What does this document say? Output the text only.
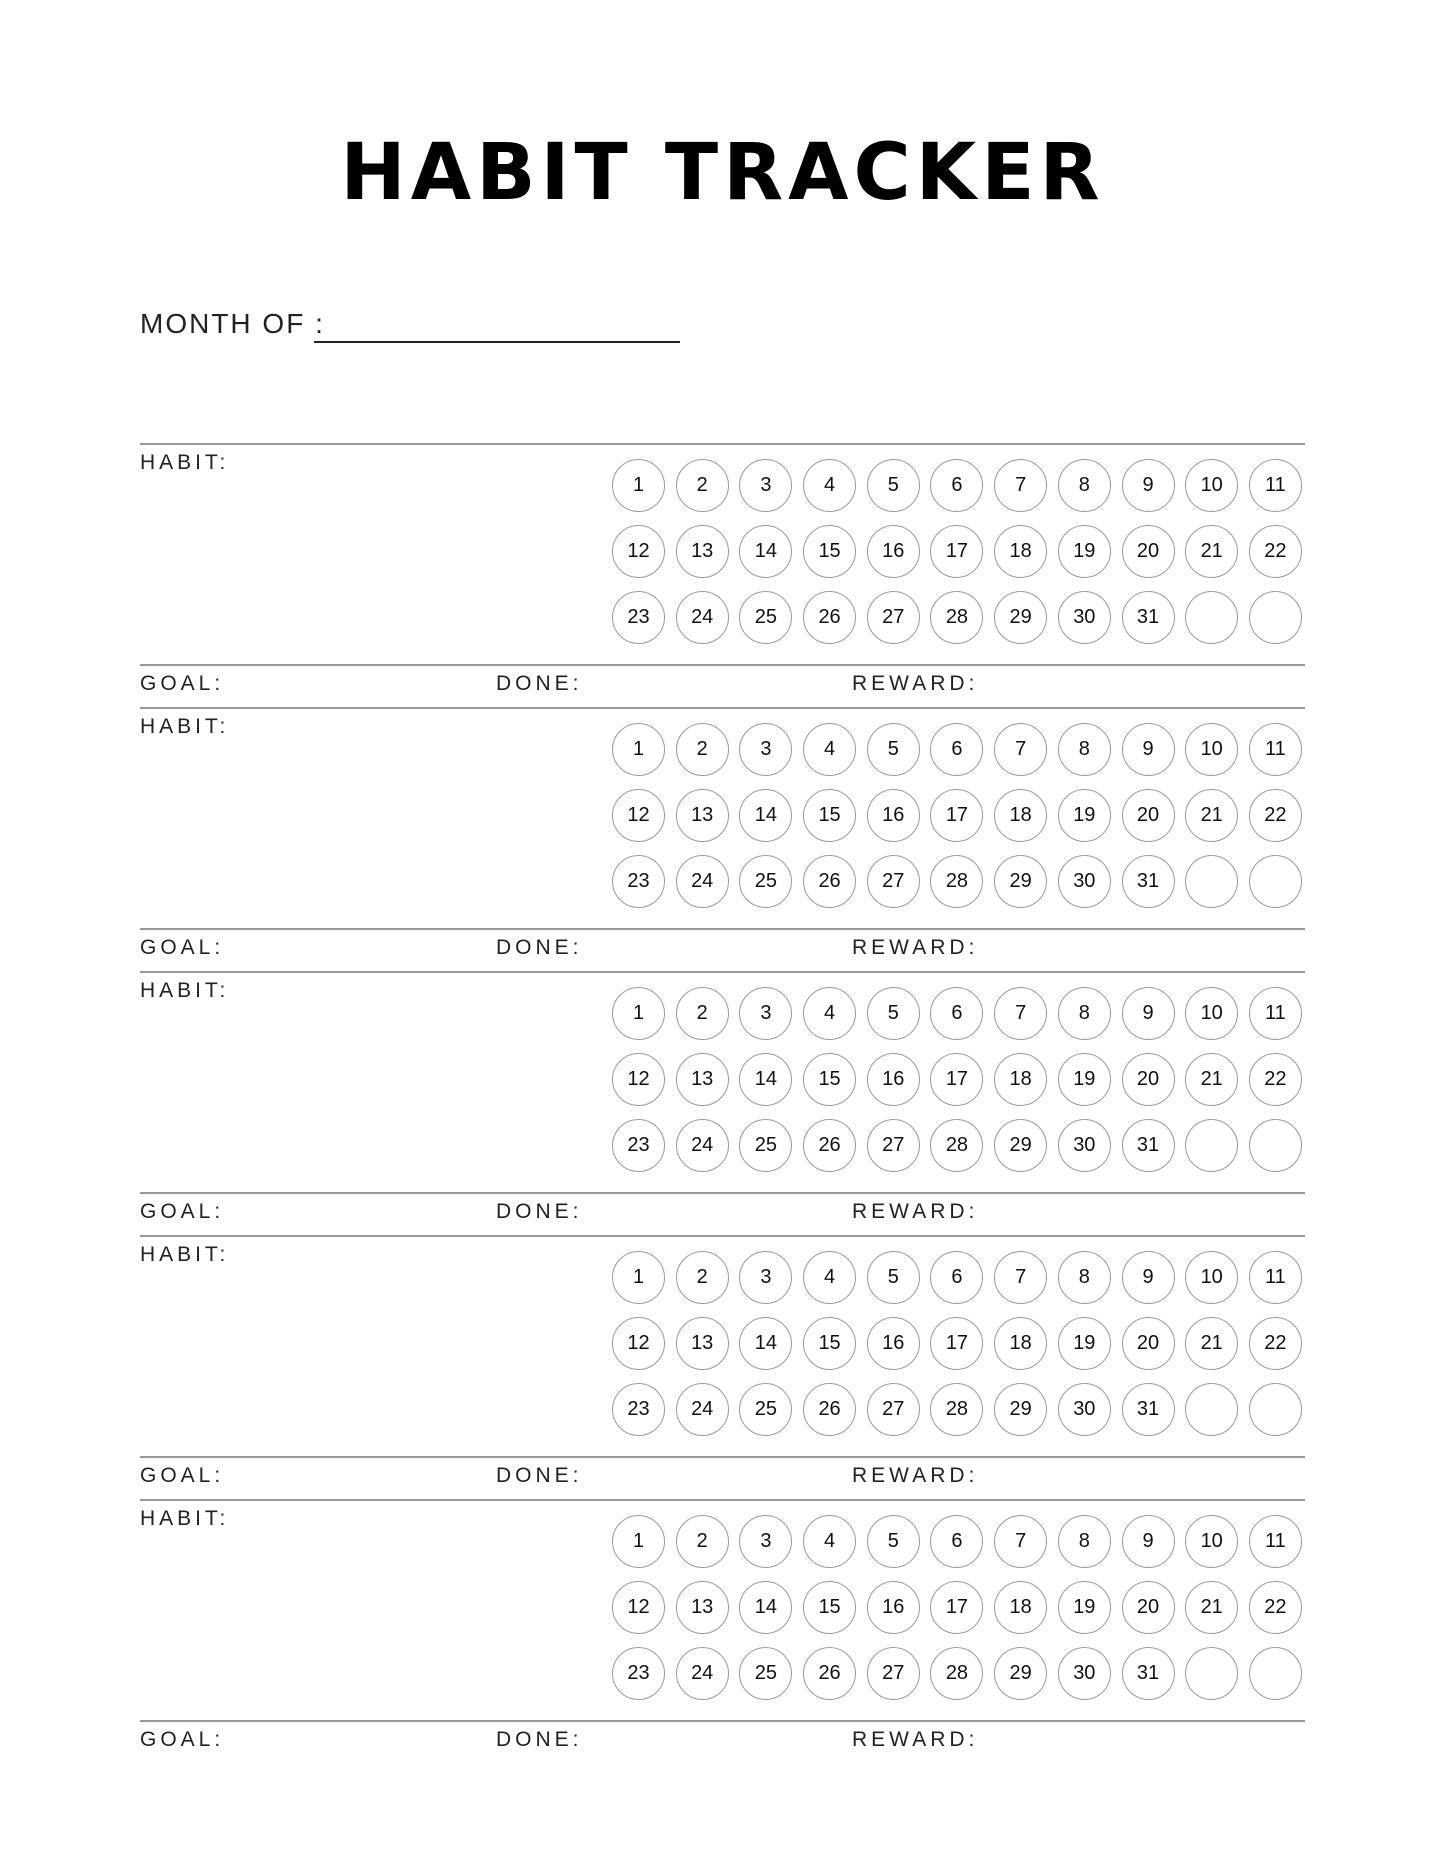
HABIT TRACKER
MONTH OF :
HABIT:
GOAL:	DONE:	REWARD:
1	2	3	4	5	6	7	8	9	10	11
12	13	14	15	16	17	18	19	20	21	22
23	24	25	26	27	28	29	30	31
HABIT:
GOAL:	DONE:	REWARD:
1	2	3	4	5	6	7	8	9	10	11
12	13	14	15	16	17	18	19	20	21	22
23	24	25	26	27	28	29	30	31
HABIT:
GOAL:	DONE:	REWARD:
1	2	3	4	5	6	7	8	9	10	11
12	13	14	15	16	17	18	19	20	21	22
23	24	25	26	27	28	29	30	31
HABIT:
GOAL:	DONE:	REWARD:
1	2	3	4	5	6	7	8	9	10	11
12	13	14	15	16	17	18	19	20	21	22
23	24	25	26	27	28	29	30	31
HABIT:
GOAL:	DONE:	REWARD:
1	2	3	4	5	6	7	8	9	10	11
12	13	14	15	16	17	18	19	20	21	22
23	24	25	26	27	28	29	30	31
